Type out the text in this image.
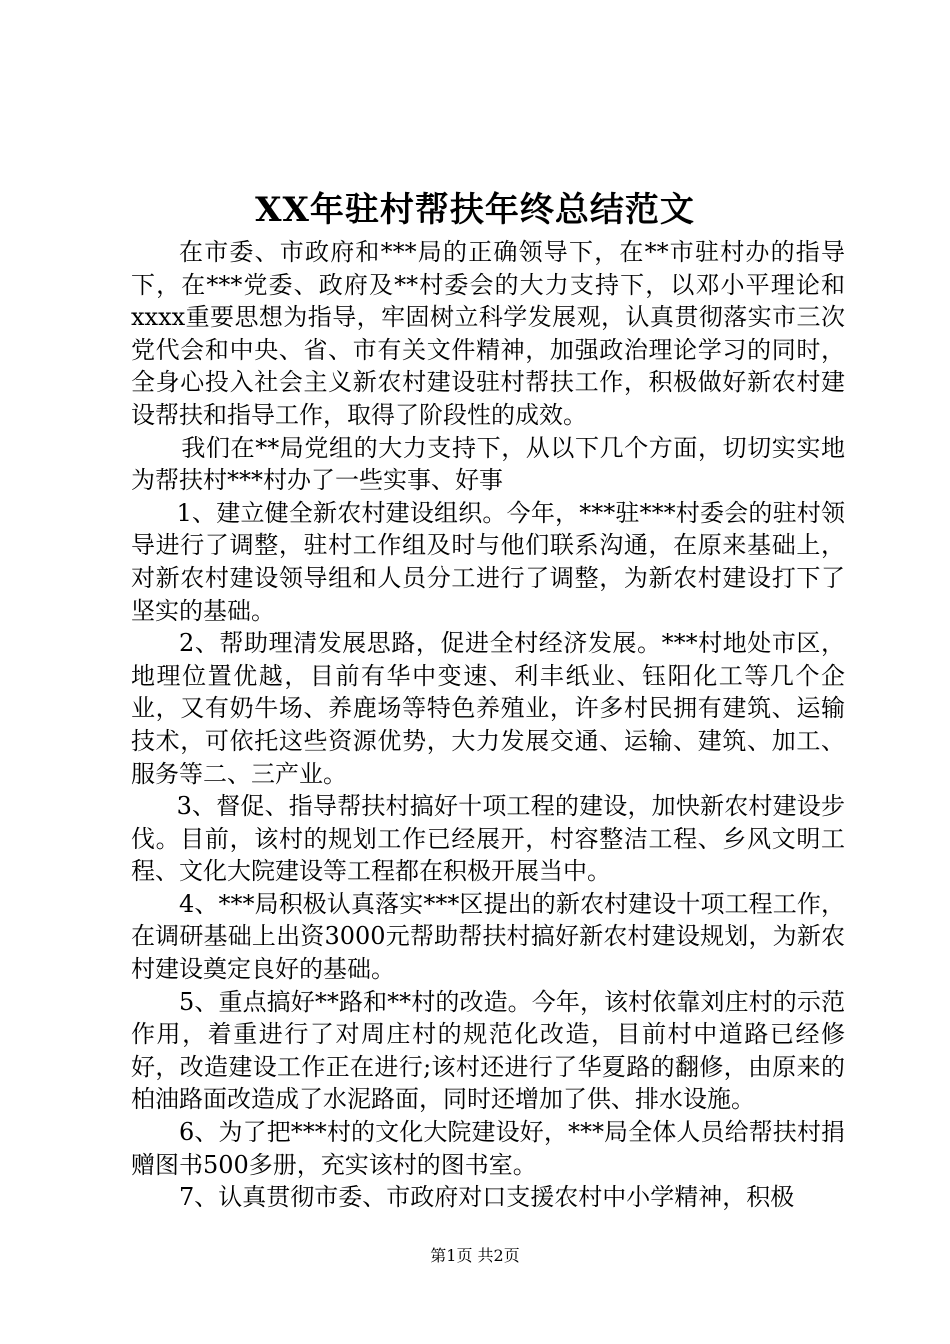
XX年驻村帮扶年终总结范文

在市委、市政府和***局的正确领导下，在**市驻村办的指导下，在***党委、政府及**村委会的大力支持下，以邓小平理论和xxxx重要思想为指导，牢固树立科学发展观，认真贯彻落实市三次党代会和中央、省、市有关文件精神，加强政治理论学习的同时，全身心投入社会主义新农村建设驻村帮扶工作，积极做好新农村建设帮扶和指导工作，取得了阶段性的成效。

我们在**局党组的大力支持下，从以下几个方面，切切实实地为帮扶村***村办了一些实事、好事

1、建立健全新农村建设组织。今年，***驻***村委会的驻村领导进行了调整，驻村工作组及时与他们联系沟通，在原来基础上，对新农村建设领导组和人员分工进行了调整，为新农村建设打下了坚实的基础。

2、帮助理清发展思路，促进全村经济发展。***村地处市区，地理位置优越，目前有华中变速、利丰纸业、钰阳化工等几个企业，又有奶牛场、养鹿场等特色养殖业，许多村民拥有建筑、运输技术，可依托这些资源优势，大力发展交通、运输、建筑、加工、服务等二、三产业。

3、督促、指导帮扶村搞好十项工程的建设，加快新农村建设步伐。目前，该村的规划工作已经展开，村容整洁工程、乡风文明工程、文化大院建设等工程都在积极开展当中。

4、***局积极认真落实***区提出的新农村建设十项工程工作，在调研基础上出资3000元帮助帮扶村搞好新农村建设规划，为新农村建设奠定良好的基础。

5、重点搞好**路和**村的改造。今年，该村依靠刘庄村的示范作用，着重进行了对周庄村的规范化改造，目前村中道路已经修好，改造建设工作正在进行;该村还进行了华夏路的翻修，由原来的柏油路面改造成了水泥路面，同时还增加了供、排水设施。

6、为了把***村的文化大院建设好，***局全体人员给帮扶村捐赠图书500多册，充实该村的图书室。

7、认真贯彻市委、市政府对口支援农村中小学精神，积极

第1页 共2页
